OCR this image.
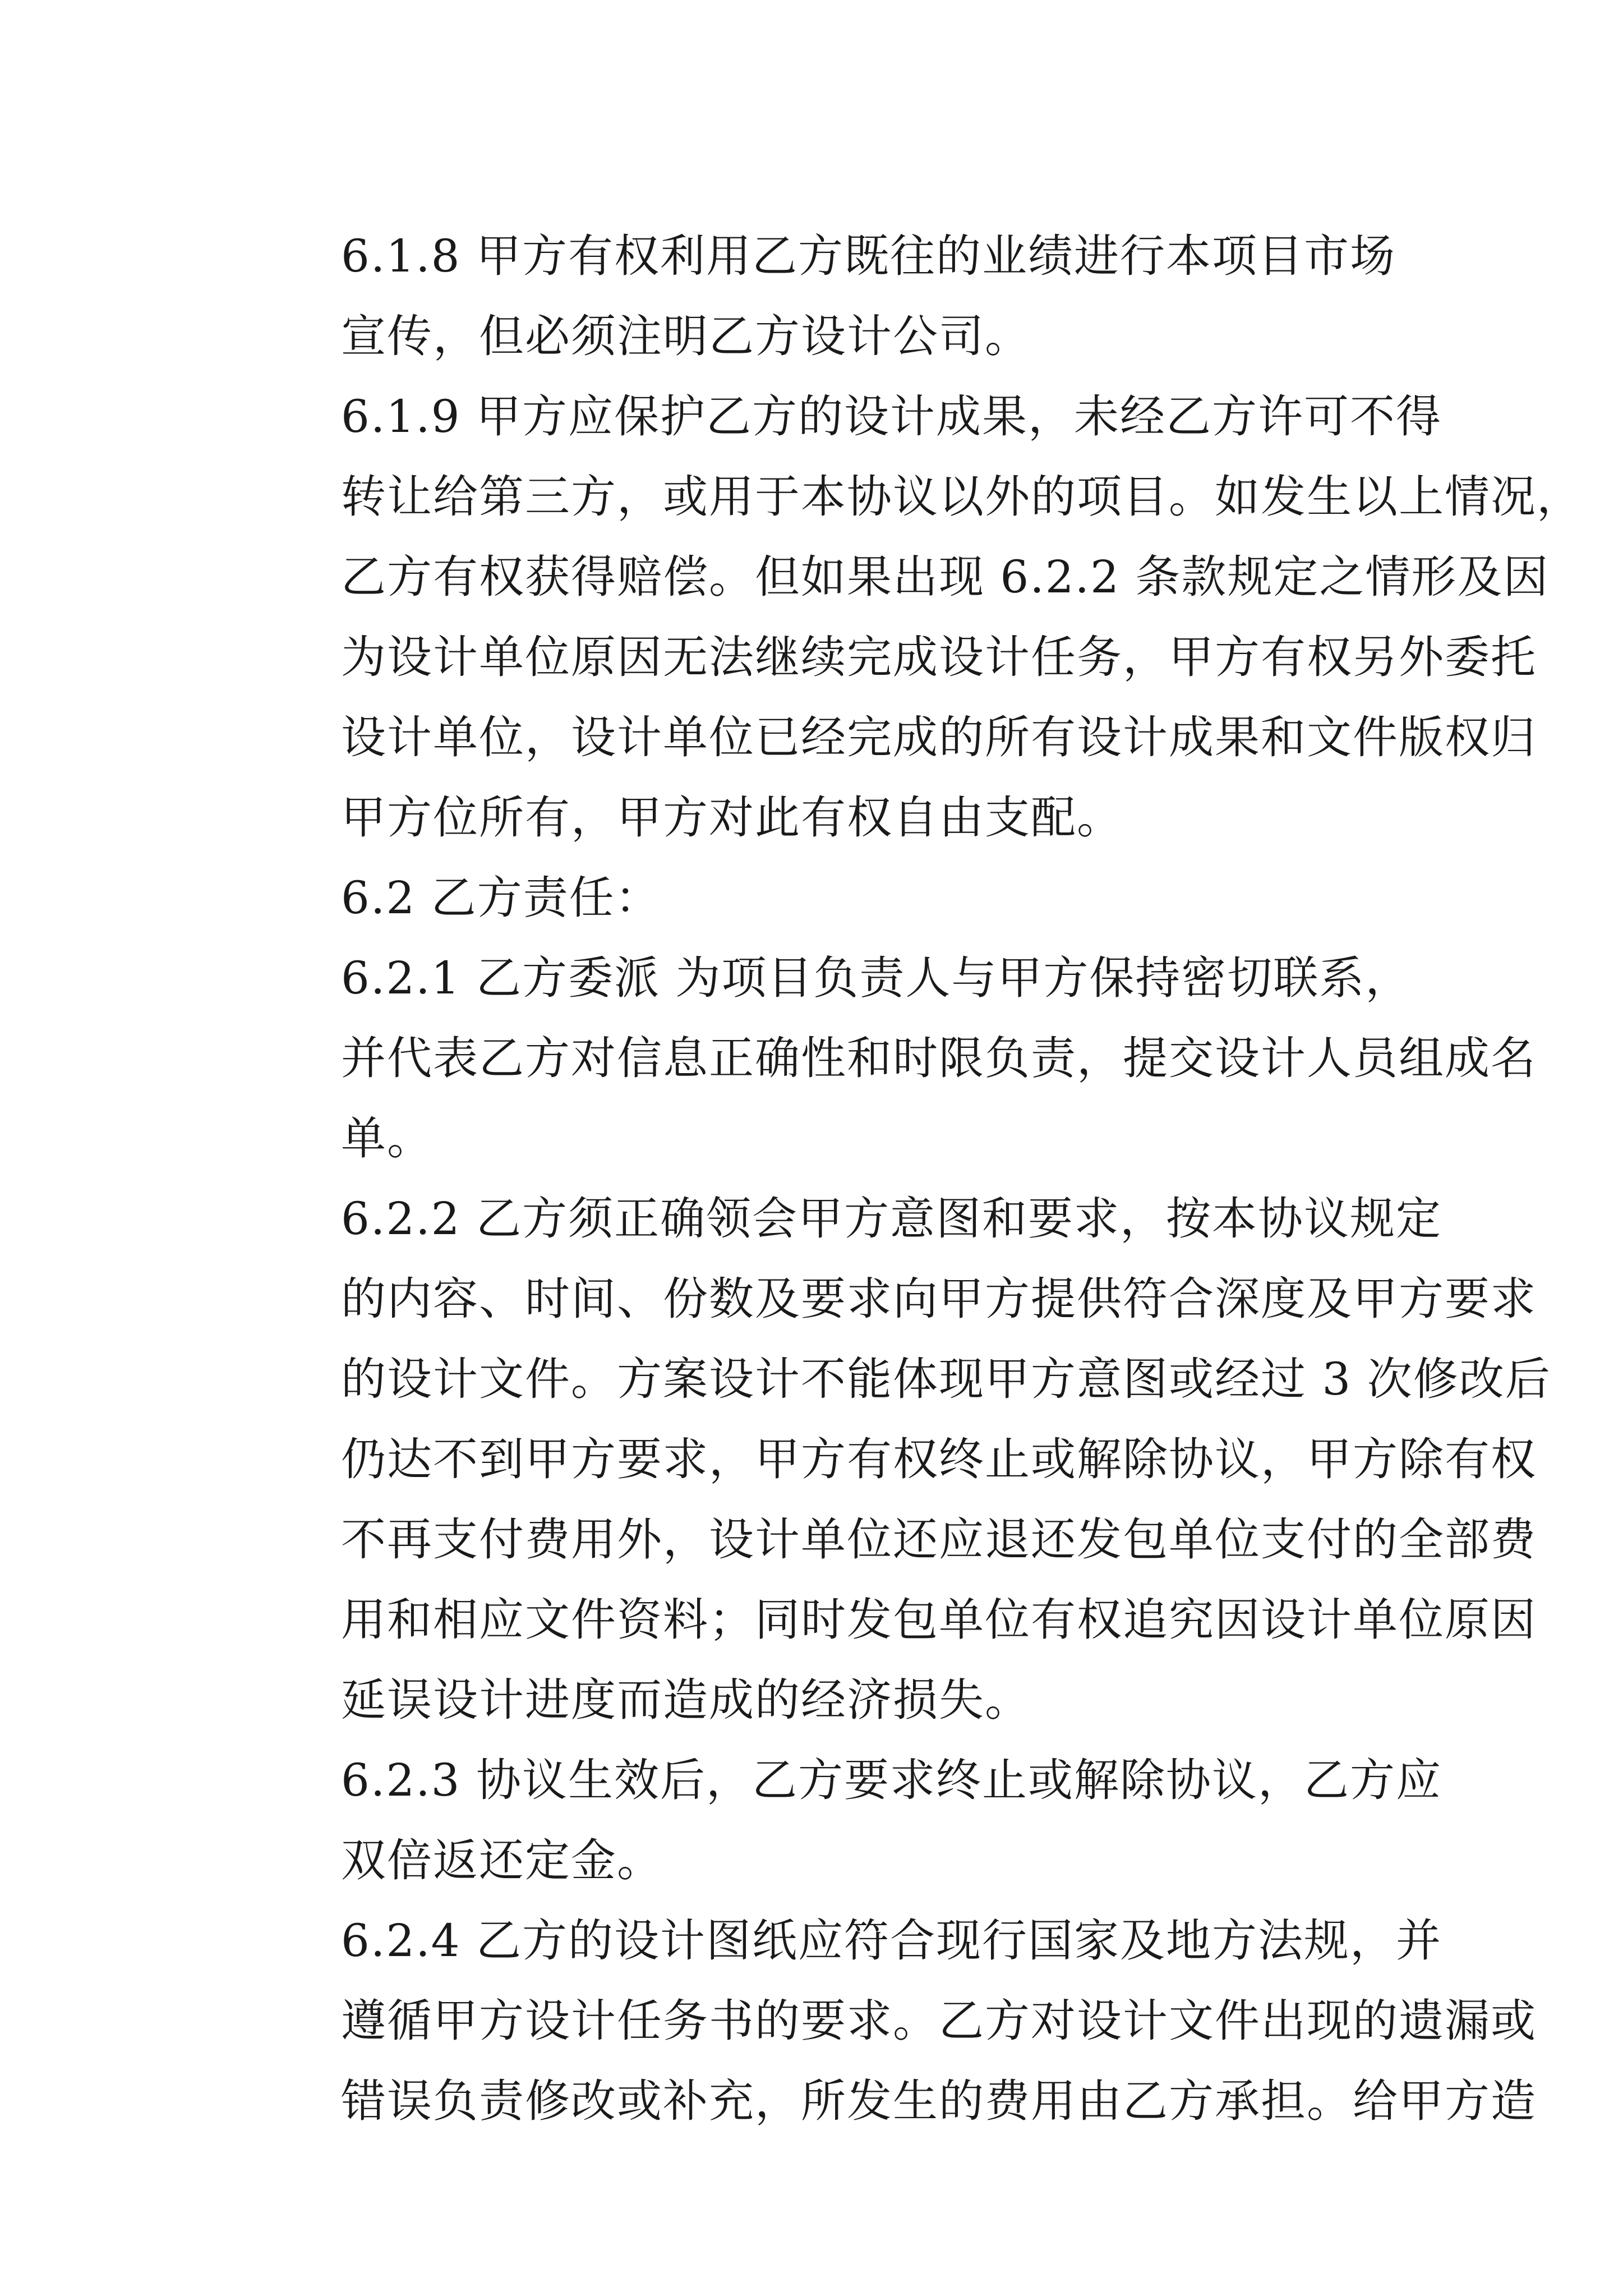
6.1.8 甲方有权利用乙方既往的业绩进行本项目市场
宣传，但必须注明乙方设计公司。

6.1.9 甲方应保护乙方的设计成果，未经乙方许可不得
转让给第三方，或用于本协议以外的项目。如发生以上情况，
乙方有权获得赔偿。但如果出现 6.2.2 条款规定之情形及因
为设计单位原因无法继续完成设计任务，甲方有权另外委托
设计单位，设计单位已经完成的所有设计成果和文件版权归
甲方位所有，甲方对此有权自由支配。

6.2 乙方责任：

6.2.1 乙方委派 为项目负责人与甲方保持密切联系，
并代表乙方对信息正确性和时限负责，提交设计人员组成名
单。

6.2.2 乙方须正确领会甲方意图和要求，按本协议规定
的内容、时间、份数及要求向甲方提供符合深度及甲方要求
的设计文件。方案设计不能体现甲方意图或经过 3 次修改后
仍达不到甲方要求，甲方有权终止或解除协议，甲方除有权
不再支付费用外，设计单位还应退还发包单位支付的全部费
用和相应文件资料；同时发包单位有权追究因设计单位原因
延误设计进度而造成的经济损失。

6.2.3 协议生效后，乙方要求终止或解除协议，乙方应
双倍返还定金。

6.2.4 乙方的设计图纸应符合现行国家及地方法规，并
遵循甲方设计任务书的要求。乙方对设计文件出现的遗漏或
错误负责修改或补充，所发生的费用由乙方承担。给甲方造
